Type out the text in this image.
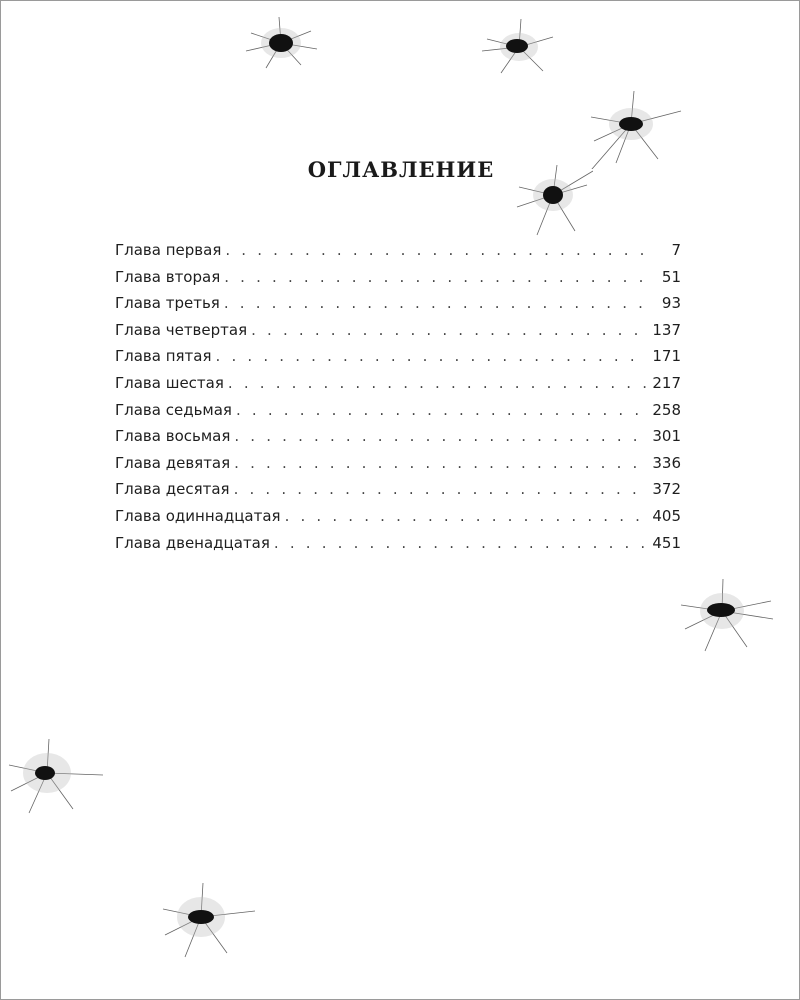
ОГЛАВЛЕНИЕ
Глава первая . . .	7
Глава вторая . . .	51
Глава третья . . .	93
Глава четвертая . . .	137
Глава пятая . . .	171
Глава шестая . . .	217
Глава седьмая . . .	258
Глава восьмая . . .	301
Глава девятая . . .	336
Глава десятая . . .	372
Глава одиннадцатая . . .	405
Глава двенадцатая . . .	451
